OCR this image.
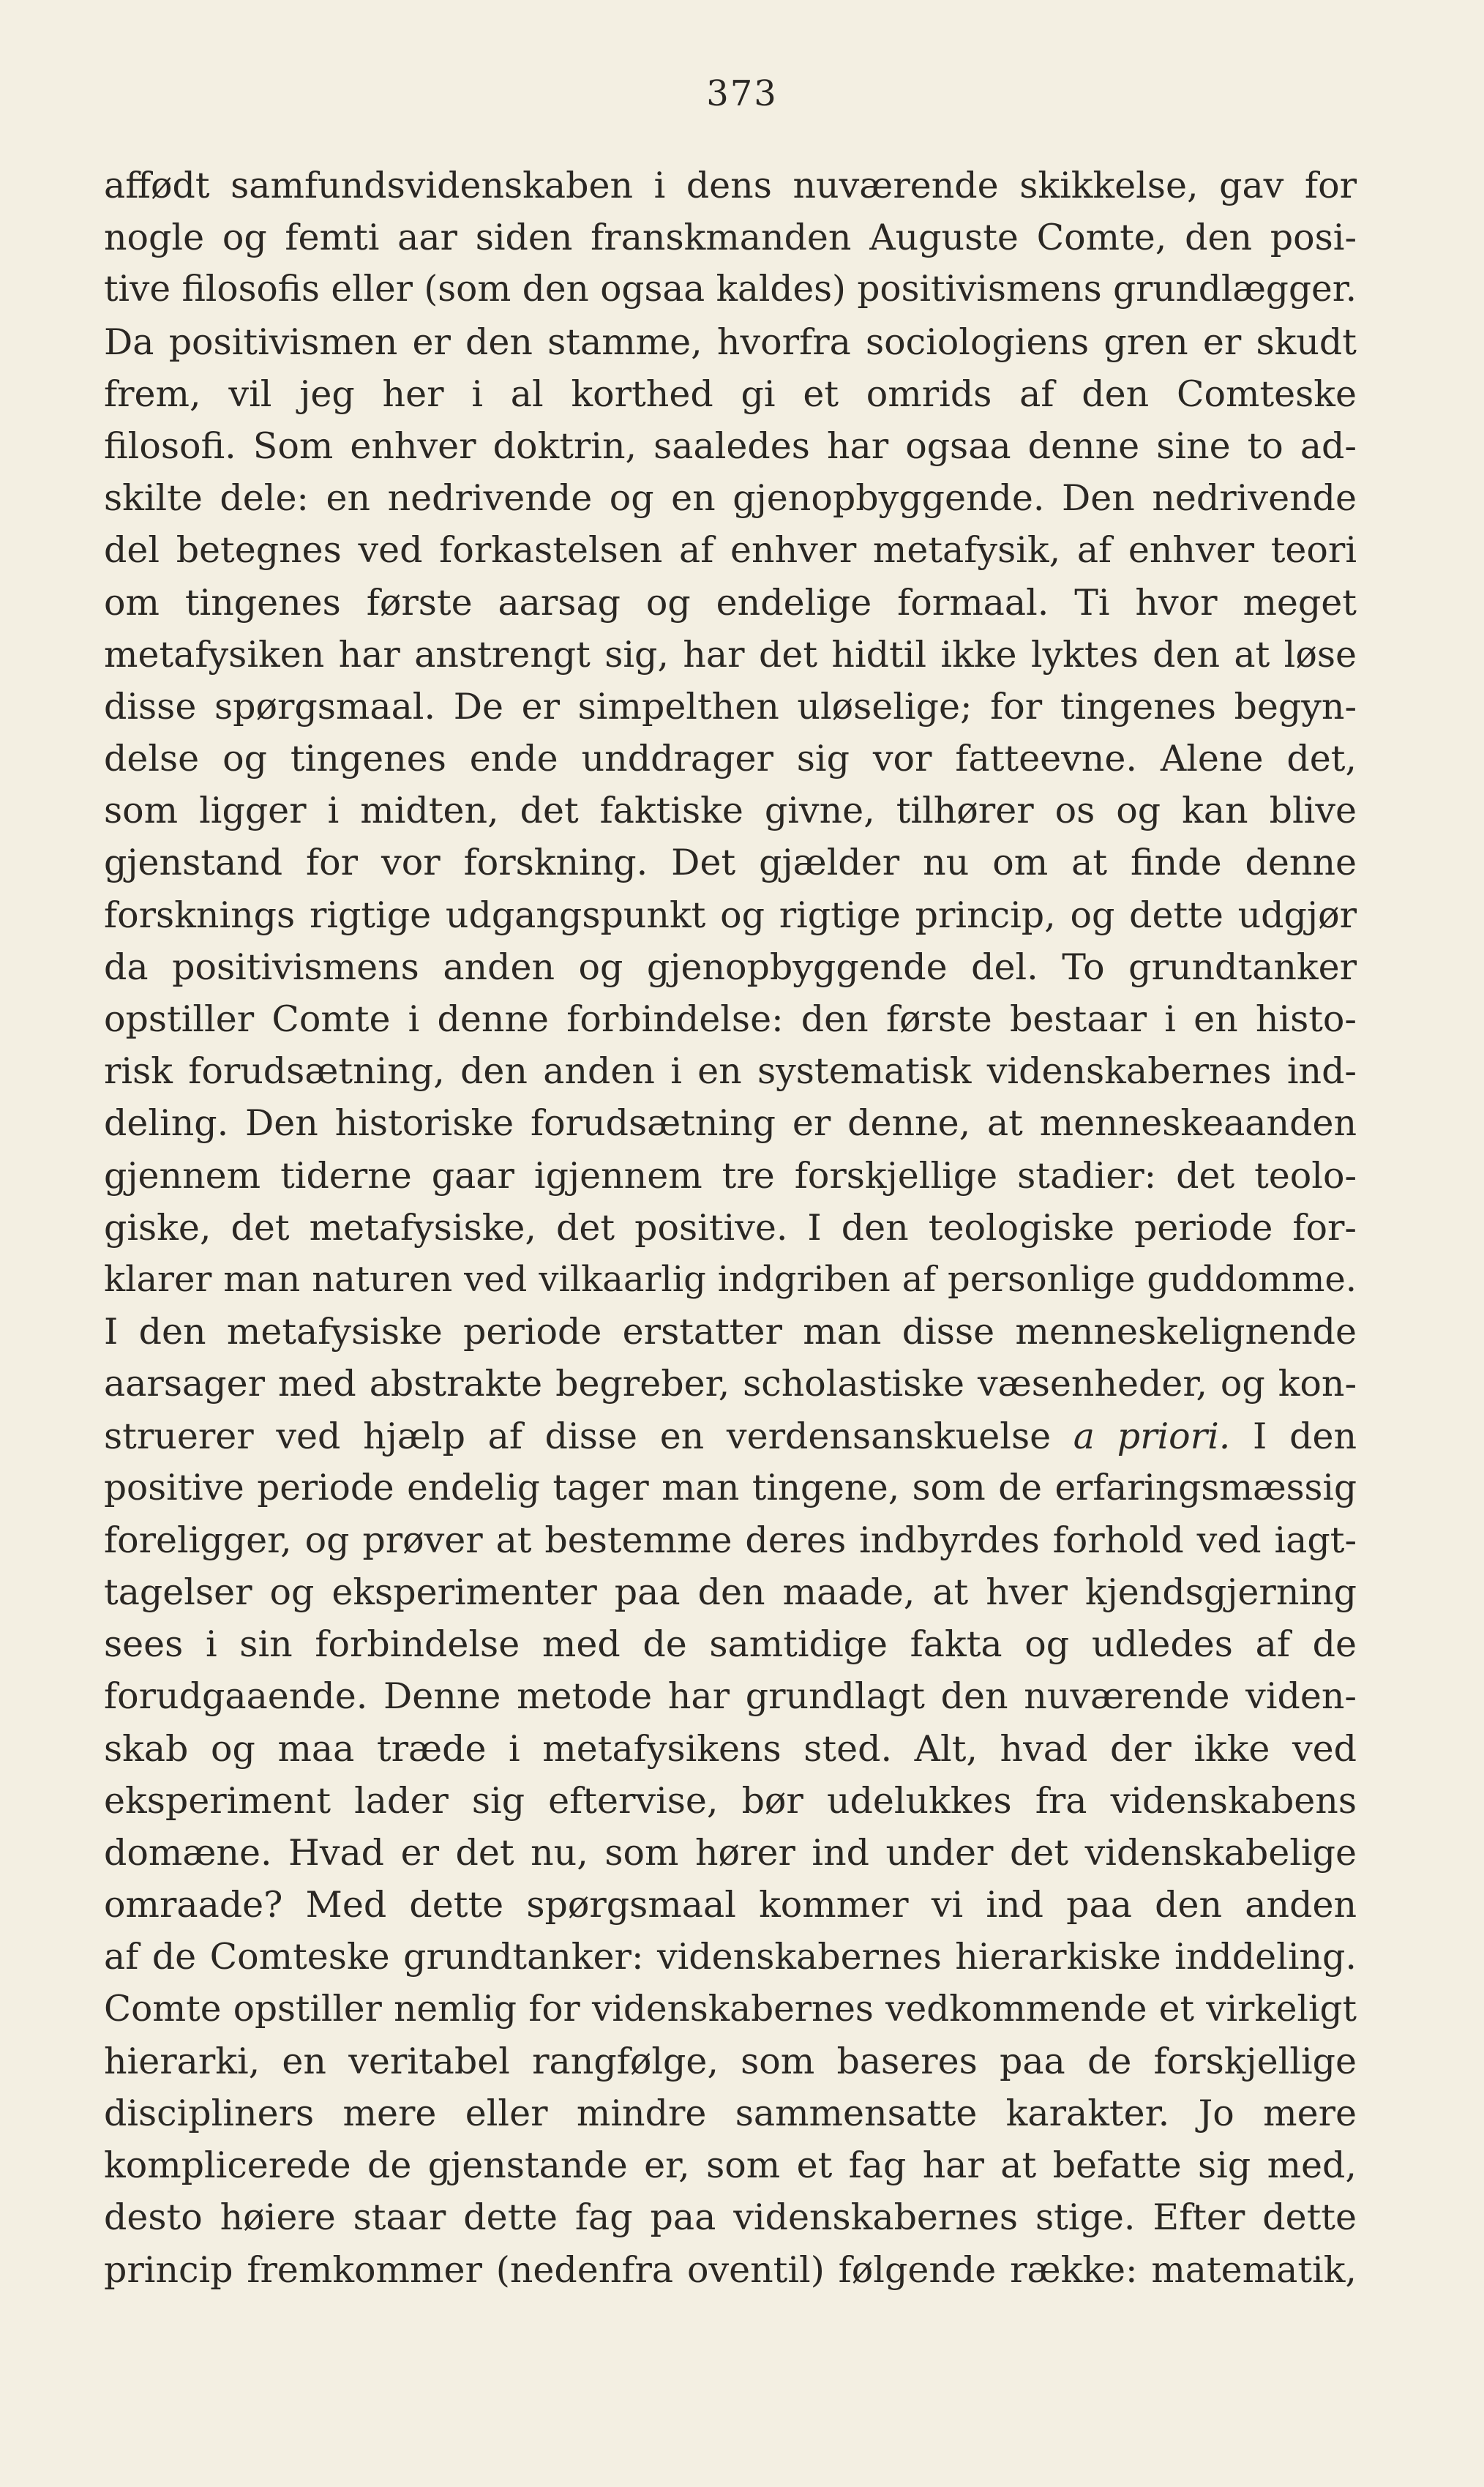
373
affødt samfundsvidenskaben i dens nuværende skikkelse, gav for
nogle og femti aar siden franskmanden Auguste Comte, den posi-
tive filosofis eller (som den ogsaa kaldes) positivismens grundlægger.
Da positivismen er den stamme, hvorfra sociologiens gren er skudt
frem, vil jeg her i al korthed gi et omrids af den Comteske
filosofi. Som enhver doktrin, saaledes har ogsaa denne sine to ad-
skilte dele: en nedrivende og en gjenopbyggende. Den nedrivende
del betegnes ved forkastelsen af enhver metafysik, af enhver teori
om tingenes første aarsag og endelige formaal. Ti hvor meget
metafysiken har anstrengt sig, har det hidtil ikke lyktes den at løse
disse spørgsmaal. De er simpelthen uløselige; for tingenes begyn-
delse og tingenes ende unddrager sig vor fatteevne. Alene det,
som ligger i midten, det faktiske givne, tilhører os og kan blive
gjenstand for vor forskning. Det gjælder nu om at finde denne
forsknings rigtige udgangspunkt og rigtige princip, og dette udgjør
da positivismens anden og gjenopbyggende del. To grundtanker
opstiller Comte i denne forbindelse: den første bestaar i en histo-
risk forudsætning, den anden i en systematisk videnskabernes ind-
deling. Den historiske forudsætning er denne, at menneskeaanden
gjennem tiderne gaar igjennem tre forskjellige stadier: det teolo-
giske, det metafysiske, det positive. I den teologiske periode for-
klarer man naturen ved vilkaarlig indgriben af personlige guddomme.
I den metafysiske periode erstatter man disse menneskelignende
aarsager med abstrakte begreber, scholastiske væsenheder, og kon-
struerer ved hjælp af disse en verdensanskuelse a priori. I den
positive periode endelig tager man tingene, som de erfaringsmæssig
foreligger, og prøver at bestemme deres indbyrdes forhold ved iagt-
tagelser og eksperimenter paa den maade, at hver kjendsgjerning
sees i sin forbindelse med de samtidige fakta og udledes af de
forudgaaende. Denne metode har grundlagt den nuværende viden-
skab og maa træde i metafysikens sted. Alt, hvad der ikke ved
eksperiment lader sig eftervise, bør udelukkes fra videnskabens
domæne. Hvad er det nu, som hører ind under det videnskabelige
omraade? Med dette spørgsmaal kommer vi ind paa den anden
af de Comteske grundtanker: videnskabernes hierarkiske inddeling.
Comte opstiller nemlig for videnskabernes vedkommende et virkeligt
hierarki, en veritabel rangfølge, som baseres paa de forskjellige
discipliners mere eller mindre sammensatte karakter. Jo mere
komplicerede de gjenstande er, som et fag har at befatte sig med,
desto høiere staar dette fag paa videnskabernes stige. Efter dette
princip fremkommer (nedenfra oventil) følgende række: matematik,
